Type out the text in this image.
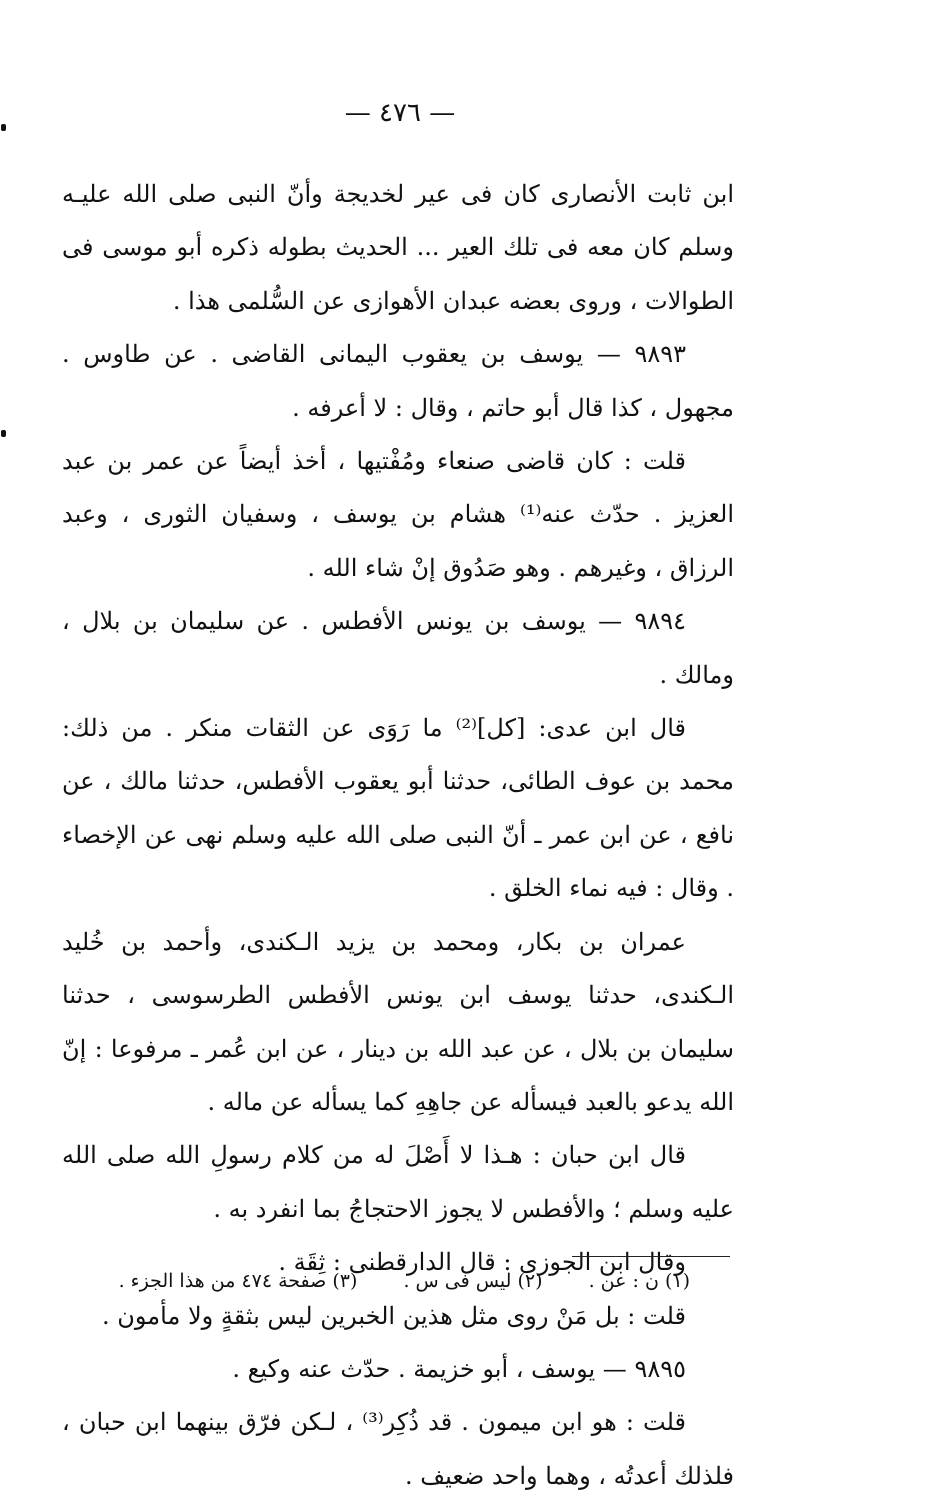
— ٤٧٦ —

ابن ثابت الأنصارى كان فى عير لخديجة وأنّ النبى صلى الله عليـه وسلم كان معه فى تلك العير ... الحديث بطوله ذكره أبو موسى فى الطوالات ، وروى بعضه عبدان الأهوازى عن السُّلمى هذا .

٩٨٩٣ — يوسف بن يعقوب اليمانى القاضى . عن طاوس . مجهول ، كذا قال أبو حاتم ، وقال : لا أعرفه .

قلت : كان قاضى صنعاء ومُفْتيها ، أخذ أيضاً عن عمر بن عبد العزيز . حدّث عنه⁽¹⁾ هشام بن يوسف ، وسفيان الثورى ، وعبد الرزاق ، وغيرهم . وهو صَدُوق إنْ شاء الله .

٩٨٩٤ — يوسف بن يونس الأفطس . عن سليمان بن بلال ، ومالك .

قال ابن عدى: [كل]⁽²⁾ ما رَوَى عن الثقات منكر . من ذلك: محمد بن عوف الطائى، حدثنا أبو يعقوب الأفطس، حدثنا مالك ، عن نافع ، عن ابن عمر ـ أنّ النبى صلى الله عليه وسلم نهى عن الإخصاء . وقال : فيه نماء الخلق .

عمران بن بكار، ومحمد بن يزيد الـكندى، وأحمد بن خُليد الـكندى، حدثنا يوسف ابن يونس الأفطس الطرسوسى ، حدثنا سليمان بن بلال ، عن عبد الله بن دينار ، عن ابن عُمر ـ مرفوعا : إنّ الله يدعو بالعبد فيسأله عن جاهِهِ كما يسأله عن ماله .

قال ابن حبان : هـذا لا أَصْلَ له من كلام رسولِ الله صلى الله عليه وسلم ؛ والأفطس لا يجوز الاحتجاجُ بما انفرد به .

وقال ابن الجوزى : قال الدارقطنى : ثِقَة .

قلت : بل مَنْ روى مثل هذين الخبرين ليس بثقةٍ ولا مأمون .

٩٨٩٥ — يوسف ، أبو خزيمة . حدّث عنه وكيع .

قلت : هو ابن ميمون . قد ذُكِر⁽³⁾ ، لـكن فرّق بينهما ابن حبان ، فلذلك أعدتُه ، وهما واحد ضعيف .

(١) ن : عن . (٢) ليس فى س . (٣) صفحة ٤٧٤ من هذا الجزء .
